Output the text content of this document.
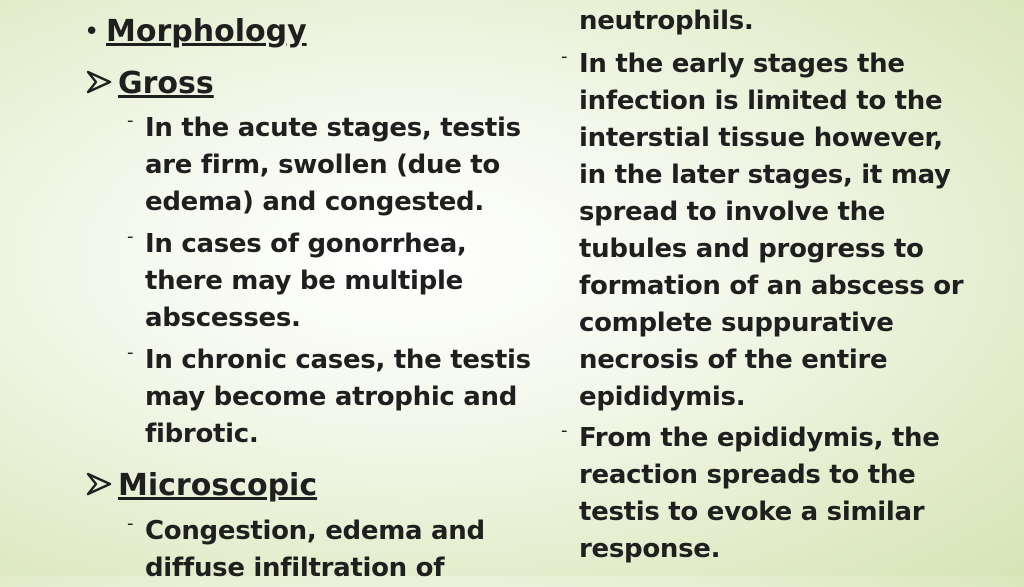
• Morphology
Gross
- In the acute stages, testis
are firm, swollen (due to
edema) and congested.
- In cases of gonorrhea,
there may be multiple
abscesses.
- In chronic cases, the testis
may become atrophic and
fibrotic.
Microscopic
- Congestion, edema and
diffuse infiltration of
neutrophils.
- In the early stages the
infection is limited to the
interstial tissue however,
in the later stages, it may
spread to involve the
tubules and progress to
formation of an abscess or
complete suppurative
necrosis of the entire
epididymis.
- From the epididymis, the
reaction spreads to the
testis to evoke a similar
response.
